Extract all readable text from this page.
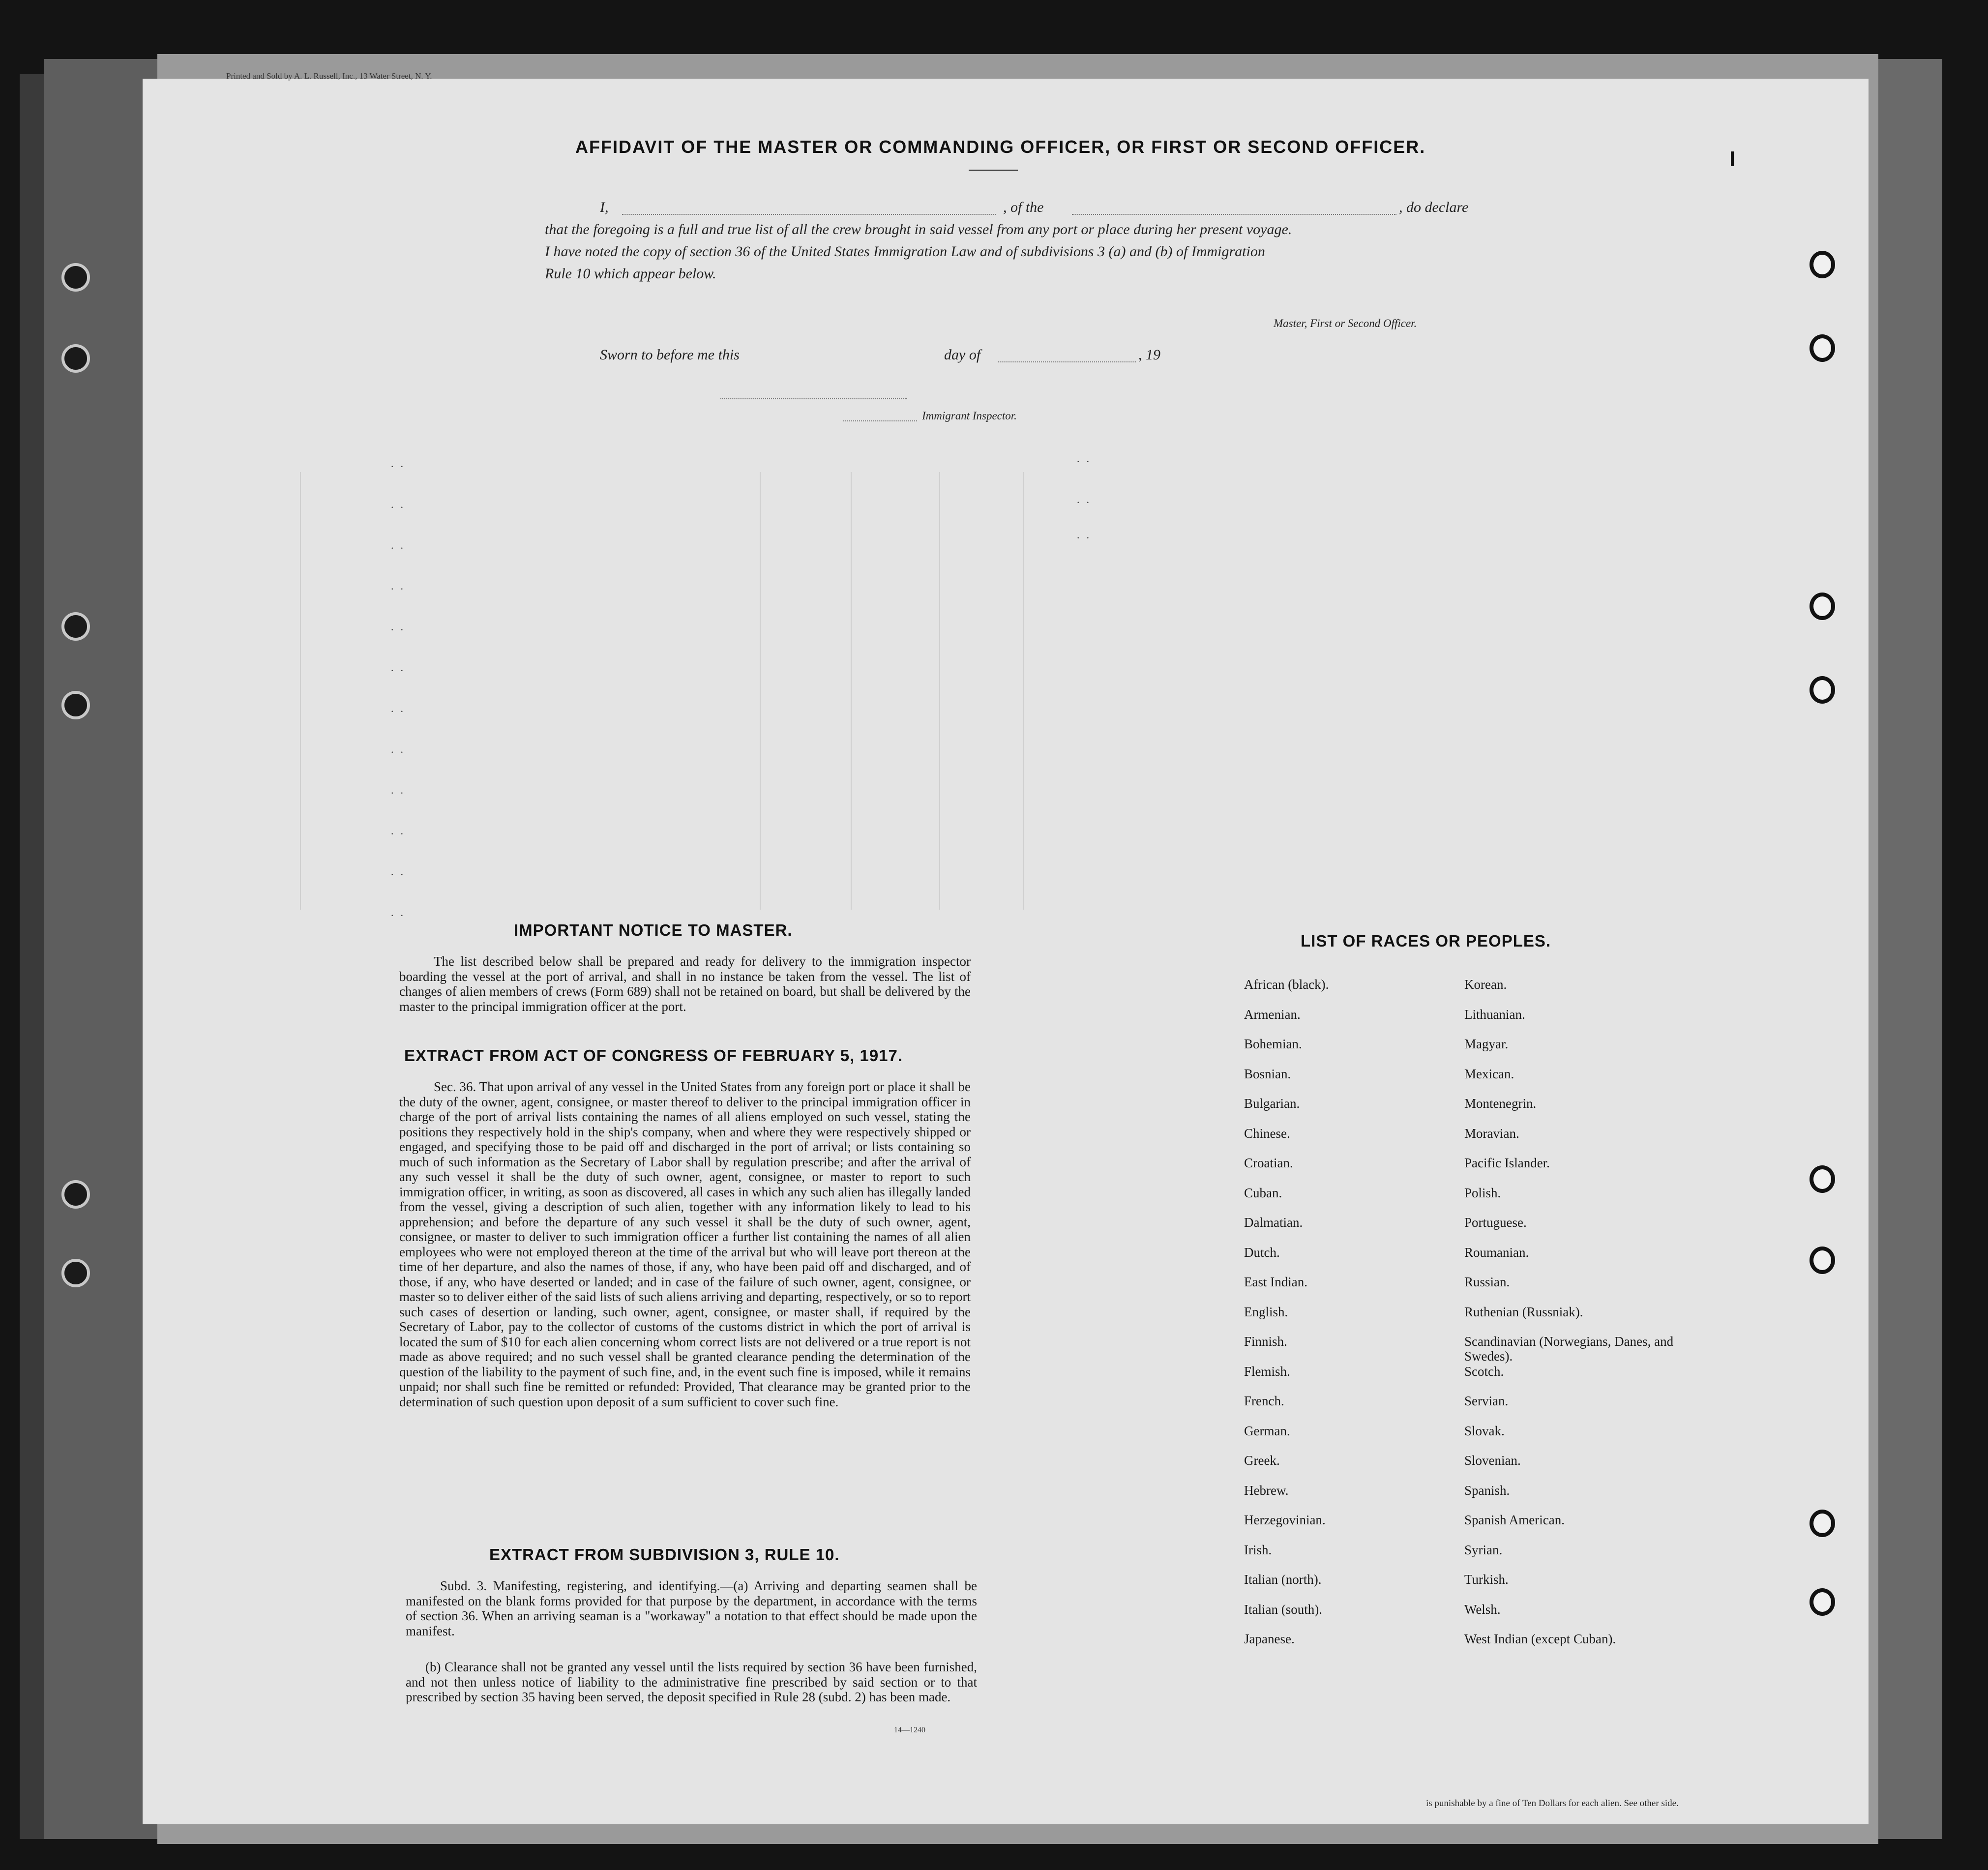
Printed and Sold by A. L. Russell, Inc., 13 Water Street, N. Y.
AFFIDAVIT OF THE MASTER OR COMMANDING OFFICER, OR FIRST OR SECOND OFFICER.
I,	, of the	, do declare
that the foregoing is a full and true list of all the crew brought in said vessel from any port or place during her present voyage.
I have noted the copy of section 36 of the United States Immigration Law and of subdivisions 3 (a) and (b) of Immigration
Rule 10 which appear below.
Master, First or Second Officer.
Sworn to before me this	day of	, 19
Immigrant Inspector.
..
..
..
..
..
..
..
..
..
..
..
..
..
..
..
IMPORTANT NOTICE TO MASTER.
The list described below shall be prepared and ready for delivery to the immigration inspector boarding the vessel at the port of arrival, and shall in no instance be taken from the vessel. The list of changes of alien members of crews (Form 689) shall not be retained on board, but shall be delivered by the master to the principal immigration officer at the port.
EXTRACT FROM ACT OF CONGRESS OF FEBRUARY 5, 1917.
Sec. 36. That upon arrival of any vessel in the United States from any foreign port or place it shall be the duty of the owner, agent, consignee, or master thereof to deliver to the principal immigration officer in charge of the port of arrival lists containing the names of all aliens employed on such vessel, stating the positions they respectively hold in the ship's company, when and where they were respectively shipped or engaged, and specifying those to be paid off and discharged in the port of arrival; or lists containing so much of such information as the Secretary of Labor shall by regulation prescribe; and after the arrival of any such vessel it shall be the duty of such owner, agent, consignee, or master to report to such immigration officer, in writing, as soon as discovered, all cases in which any such alien has illegally landed from the vessel, giving a description of such alien, together with any information likely to lead to his apprehension; and before the departure of any such vessel it shall be the duty of such owner, agent, consignee, or master to deliver to such immigration officer a further list containing the names of all alien employees who were not employed thereon at the time of the arrival but who will leave port thereon at the time of her departure, and also the names of those, if any, who have been paid off and discharged, and of those, if any, who have deserted or landed; and in case of the failure of such owner, agent, consignee, or master so to deliver either of the said lists of such aliens arriving and departing, respectively, or so to report such cases of desertion or landing, such owner, agent, consignee, or master shall, if required by the Secretary of Labor, pay to the collector of customs of the customs district in which the port of arrival is located the sum of $10 for each alien concerning whom correct lists are not delivered or a true report is not made as above required; and no such vessel shall be granted clearance pending the determination of the question of the liability to the payment of such fine, and, in the event such fine is imposed, while it remains unpaid; nor shall such fine be remitted or refunded: Provided, That clearance may be granted prior to the determination of such question upon deposit of a sum sufficient to cover such fine.
EXTRACT FROM SUBDIVISION 3, RULE 10.
Subd. 3. Manifesting, registering, and identifying.—(a) Arriving and departing seamen shall be manifested on the blank forms provided for that purpose by the department, in accordance with the terms of section 36. When an arriving seaman is a "workaway" a notation to that effect should be made upon the manifest.
(b) Clearance shall not be granted any vessel until the lists required by section 36 have been furnished, and not then unless notice of liability to the administrative fine prescribed by said section or to that prescribed by section 35 having been served, the deposit specified in Rule 28 (subd. 2) has been made.
14—1240
LIST OF RACES OR PEOPLES.
African (black).
Armenian.
Bohemian.
Bosnian.
Bulgarian.
Chinese.
Croatian.
Cuban.
Dalmatian.
Dutch.
East Indian.
English.
Finnish.
Flemish.
French.
German.
Greek.
Hebrew.
Herzegovinian.
Irish.
Italian (north).
Italian (south).
Japanese.
Korean.
Lithuanian.
Magyar.
Mexican.
Montenegrin.
Moravian.
Pacific Islander.
Polish.
Portuguese.
Roumanian.
Russian.
Ruthenian (Russniak).
Scandinavian (Norwegians, Danes, and Swedes).
Scotch.
Servian.
Slovak.
Slovenian.
Spanish.
Spanish American.
Syrian.
Turkish.
Welsh.
West Indian (except Cuban).
is punishable by a fine of Ten Dollars for each alien. See other side.
